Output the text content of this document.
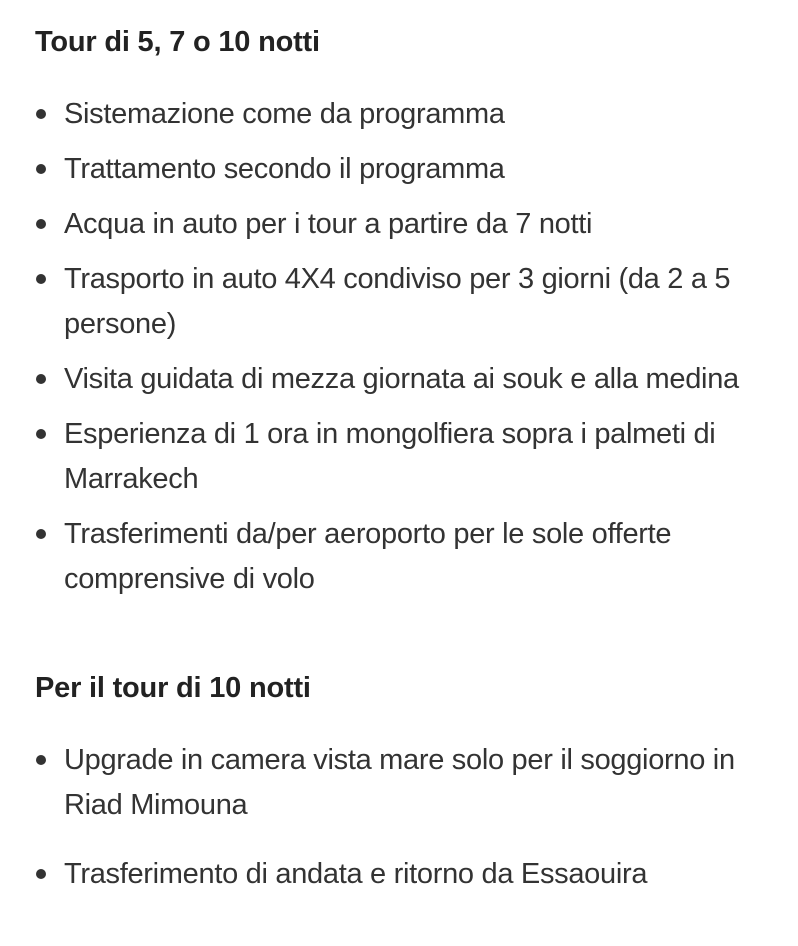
Tour di 5, 7 o 10 notti
Sistemazione come da programma
Trattamento secondo il programma
Acqua in auto per i tour a partire da 7 notti
Trasporto in auto 4X4 condiviso per 3 giorni (da 2 a 5 persone)
Visita guidata di mezza giornata ai souk e alla medina
Esperienza di 1 ora in mongolfiera sopra i palmeti di Marrakech
Trasferimenti da/per aeroporto per le sole offerte comprensive di volo
Per il tour di 10 notti
Upgrade in camera vista mare solo per il soggiorno in Riad Mimouna
Trasferimento di andata e ritorno da Essaouira
